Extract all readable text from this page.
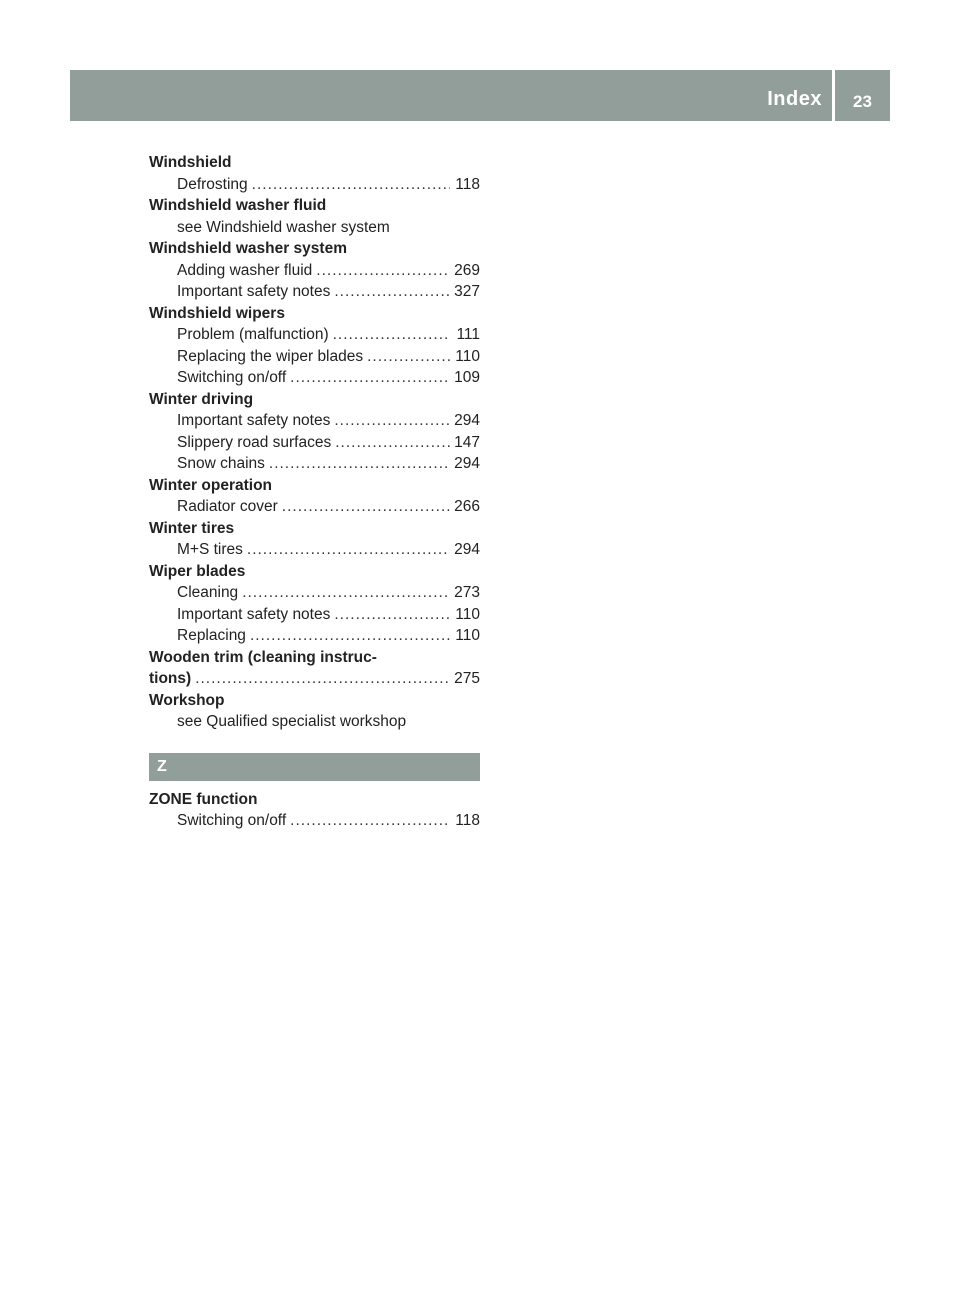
Index	23
Windshield
Defrosting .....	118
Windshield washer fluid
see Windshield washer system
Windshield washer system
Adding washer fluid .....	269
Important safety notes .....	327
Windshield wipers
Problem (malfunction) .....	111
Replacing the wiper blades .....	110
Switching on/off .....	109
Winter driving
Important safety notes .....	294
Slippery road surfaces .....	147
Snow chains .....	294
Winter operation
Radiator cover .....	266
Winter tires
M+S tires .....	294
Wiper blades
Cleaning .....	273
Important safety notes .....	110
Replacing .....	110
Wooden trim (cleaning instruc-
tions) .....	275
Workshop
see Qualified specialist workshop
Z
ZONE function
Switching on/off .....	118
